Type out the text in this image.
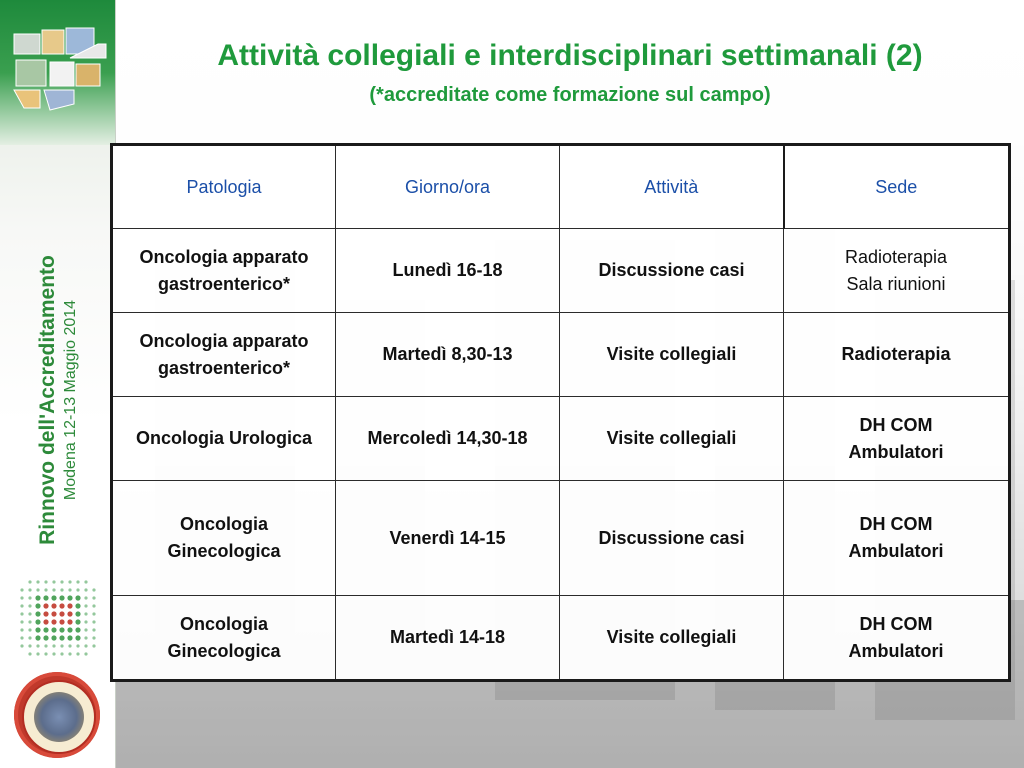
Rinnovo dell'Accreditamento Modena 12-13 Maggio 2014
Attività collegiali e interdisciplinari settimanali (2)
(*accreditate come formazione sul campo)
Patologia	Giorno/ora	Attività	Sede

Oncologia apparato
gastroenterico*	Lunedì 16-18	Discussione casi	Radioterapia
Sala riunioni

Oncologia apparato
gastroenterico*	Martedì 8,30-13	Visite collegiali	Radioterapia

Oncologia Urologica	Mercoledì 14,30-18	Visite collegiali	DH COM
Ambulatori

Oncologia
Ginecologica	Venerdì 14-15	Discussione casi	DH COM
Ambulatori

Oncologia
Ginecologica	Martedì 14-18	Visite collegiali	DH COM
Ambulatori
